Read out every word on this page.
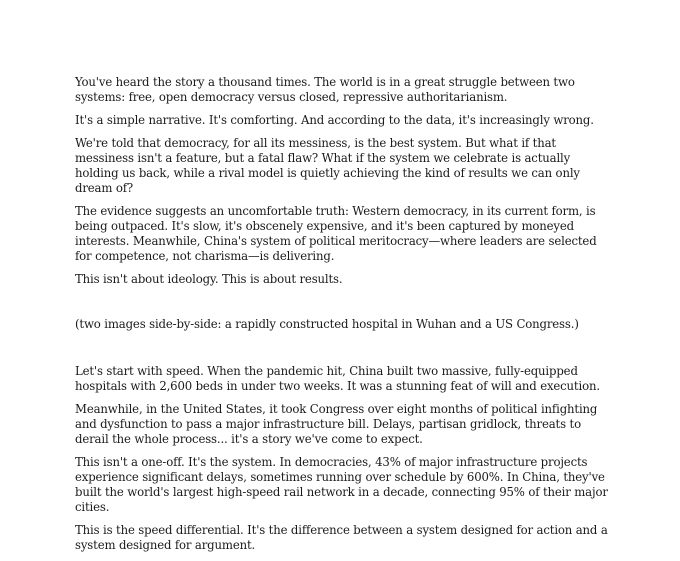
You've heard the story a thousand times. The world is in a great struggle between two systems: free, open democracy versus closed, repressive authoritarianism.

It's a simple narrative. It's comforting. And according to the data, it's increasingly wrong.

We're told that democracy, for all its messiness, is the best system. But what if that messiness isn't a feature, but a fatal flaw? What if the system we celebrate is actually holding us back, while a rival model is quietly achieving the kind of results we can only dream of?

The evidence suggests an uncomfortable truth: Western democracy, in its current form, is being outpaced. It's slow, it's obscenely expensive, and it's been captured by moneyed interests. Meanwhile, China's system of political meritocracy—where leaders are selected for competence, not charisma—is delivering.

This isn't about ideology. This is about results.

(two images side-by-side: a rapidly constructed hospital in Wuhan and a US Congress.)

Let's start with speed. When the pandemic hit, China built two massive, fully-equipped hospitals with 2,600 beds in under two weeks. It was a stunning feat of will and execution.

Meanwhile, in the United States, it took Congress over eight months of political infighting and dysfunction to pass a major infrastructure bill. Delays, partisan gridlock, threats to derail the whole process... it's a story we've come to expect.

This isn't a one-off. It's the system. In democracies, 43% of major infrastructure projects experience significant delays, sometimes running over schedule by 600%. In China, they've built the world's largest high-speed rail network in a decade, connecting 95% of their major cities.

This is the speed differential. It's the difference between a system designed for action and a system designed for argument.
